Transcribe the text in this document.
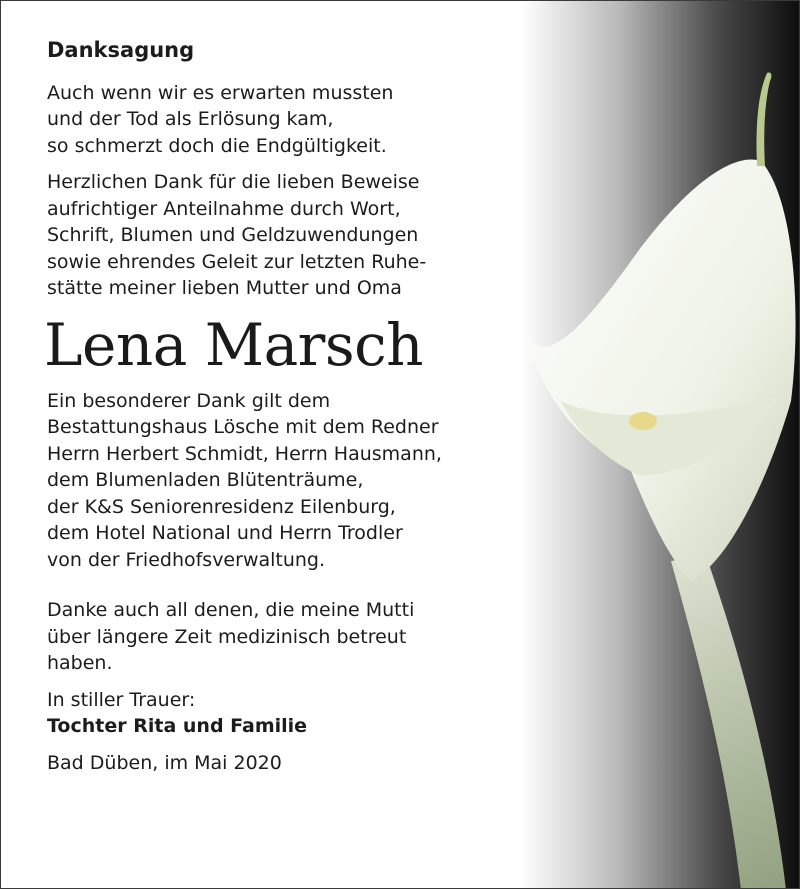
Danksagung
Auch wenn wir es erwarten mussten
und der Tod als Erlösung kam,
so schmerzt doch die Endgültigkeit.
Herzlichen Dank für die lieben Beweise
aufrichtiger Anteilnahme durch Wort,
Schrift, Blumen und Geldzuwendungen
sowie ehrendes Geleit zur letzten Ruhe-
stätte meiner lieben Mutter und Oma
Lena Marsch
Ein besonderer Dank gilt dem
Bestattungshaus Lösche mit dem Redner
Herrn Herbert Schmidt, Herrn Hausmann,
dem Blumenladen Blütenträume,
der K&S Seniorenresidenz Eilenburg,
dem Hotel National und Herrn Trodler
von der Friedhofsverwaltung.
Danke auch all denen, die meine Mutti
über längere Zeit medizinisch betreut
haben.
In stiller Trauer:
Tochter Rita und Familie
Bad Düben, im Mai 2020
